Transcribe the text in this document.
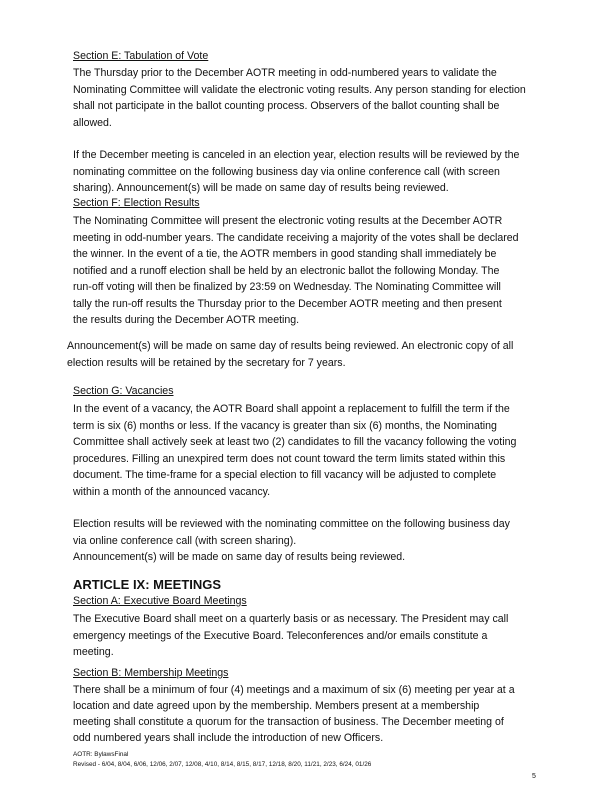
Section E: Tabulation of Vote
The Thursday prior to the December AOTR meeting in odd-numbered years to validate the
Nominating Committee will validate the electronic voting results. Any person standing for election
shall not participate in the ballot counting process. Observers of the ballot counting shall be
allowed.
If the December meeting is canceled in an election year, election results will be reviewed by the
nominating committee on the following business day via online conference call (with screen
sharing). Announcement(s) will be made on same day of results being reviewed.
Section F: Election Results
The Nominating Committee will present the electronic voting results at the December AOTR
meeting in odd-number years. The candidate receiving a majority of the votes shall be declared
the winner. In the event of a tie, the AOTR members in good standing shall immediately be
notified and a runoff election shall be held by an electronic ballot the following Monday. The
run-off voting will then be finalized by 23:59 on Wednesday. The Nominating Committee will
tally the run-off results the Thursday prior to the December AOTR meeting and then present
the results during the December AOTR meeting.
Announcement(s) will be made on same day of results being reviewed. An electronic copy of all
election results will be retained by the secretary for 7 years.
Section G: Vacancies
In the event of a vacancy, the AOTR Board shall appoint a replacement to fulfill the term if the
term is six (6) months or less. If the vacancy is greater than six (6) months, the Nominating
Committee shall actively seek at least two (2) candidates to fill the vacancy following the voting
procedures. Filling an unexpired term does not count toward the term limits stated within this
document. The time-frame for a special election to fill vacancy will be adjusted to complete
within a month of the announced vacancy.
Election results will be reviewed with the nominating committee on the following business day
via online conference call (with screen sharing).
Announcement(s) will be made on same day of results being reviewed.
ARTICLE IX: MEETINGS
Section A: Executive Board Meetings
The Executive Board shall meet on a quarterly basis or as necessary. The President may call
emergency meetings of the Executive Board. Teleconferences and/or emails constitute a
meeting.
Section B: Membership Meetings
There shall be a minimum of four (4) meetings and a maximum of six (6) meeting per year at a
location and date agreed upon by the membership. Members present at a membership
meeting shall constitute a quorum for the transaction of business. The December meeting of
odd numbered years shall include the introduction of new Officers.
AOTR: BylawsFinal
Revised - 6/04, 8/04, 6/06, 12/06, 2/07, 12/08, 4/10, 8/14, 8/15, 8/17, 12/18, 8/20, 11/21, 2/23, 6/24, 01/26
5
